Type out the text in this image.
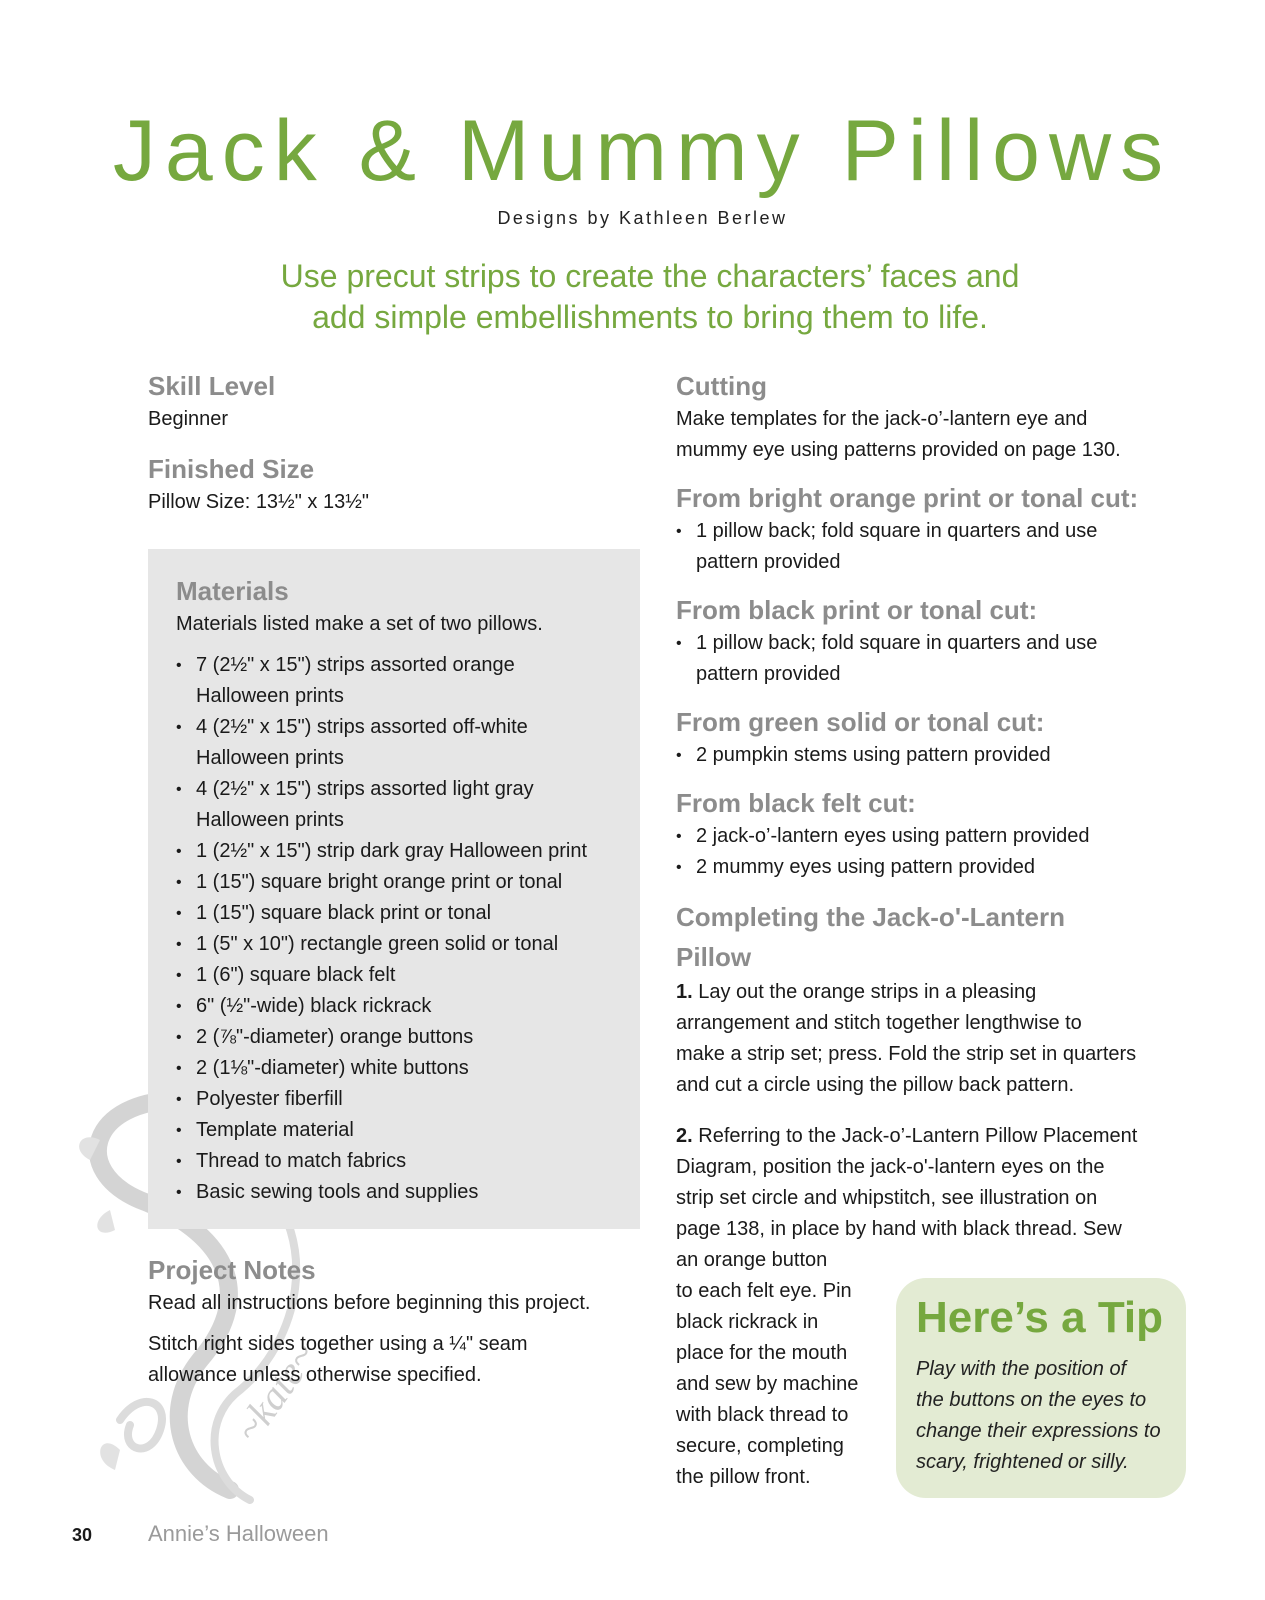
~kate~
Jack & Mummy Pillows
Designs by Kathleen Berlew
Use precut strips to create the characters’ faces and
add simple embellishments to bring them to life.
Skill Level

Beginner

Finished Size

Pillow Size: 13½" x 13½"

Materials

Materials listed make a set of two pillows.

• 7 (2½" x 15") strips assorted orange
Halloween prints
• 4 (2½" x 15") strips assorted off-white
Halloween prints
• 4 (2½" x 15") strips assorted light gray
Halloween prints
• 1 (2½" x 15") strip dark gray Halloween print
• 1 (15") square bright orange print or tonal
• 1 (15") square black print or tonal
• 1 (5" x 10") rectangle green solid or tonal
• 1 (6") square black felt
• 6" (½"-wide) black rickrack
• 2 (⅞"-diameter) orange buttons
• 2 (1⅛"-diameter) white buttons
• Polyester fiberfill
• Template material
• Thread to match fabrics
• Basic sewing tools and supplies
Project Notes

Read all instructions before beginning this project.

Stitch right sides together using a ¼" seam
allowance unless otherwise specified.

Cutting

Make templates for the jack-o’-lantern eye and
mummy eye using patterns provided on page 130.

From bright orange print or tonal cut:
• 1 pillow back; fold square in quarters and use
pattern provided
From black print or tonal cut:
• 1 pillow back; fold square in quarters and use
pattern provided
From green solid or tonal cut:
• 2 pumpkin stems using pattern provided
From black felt cut:
• 2 jack-o’-lantern eyes using pattern provided
• 2 mummy eyes using pattern provided
Completing the Jack-o'-Lantern
Pillow

1. Lay out the orange strips in a pleasing
arrangement and stitch together lengthwise to
make a strip set; press. Fold the strip set in quarters
and cut a circle using the pillow back pattern.

2. Referring to the Jack-o’-Lantern Pillow Placement
Diagram, position the jack-o'-lantern eyes on the
strip set circle and whipstitch, see illustration on
page 138, in place by hand with black thread. Sew
an orange button
to each felt eye. Pin
black rickrack in
place for the mouth
and sew by machine
with black thread to
secure, completing
the pillow front.

Here’s a Tip

Play with the position of
the buttons on the eyes to
change their expressions to
scary, frightened or silly.

30	Annie’s Halloween
